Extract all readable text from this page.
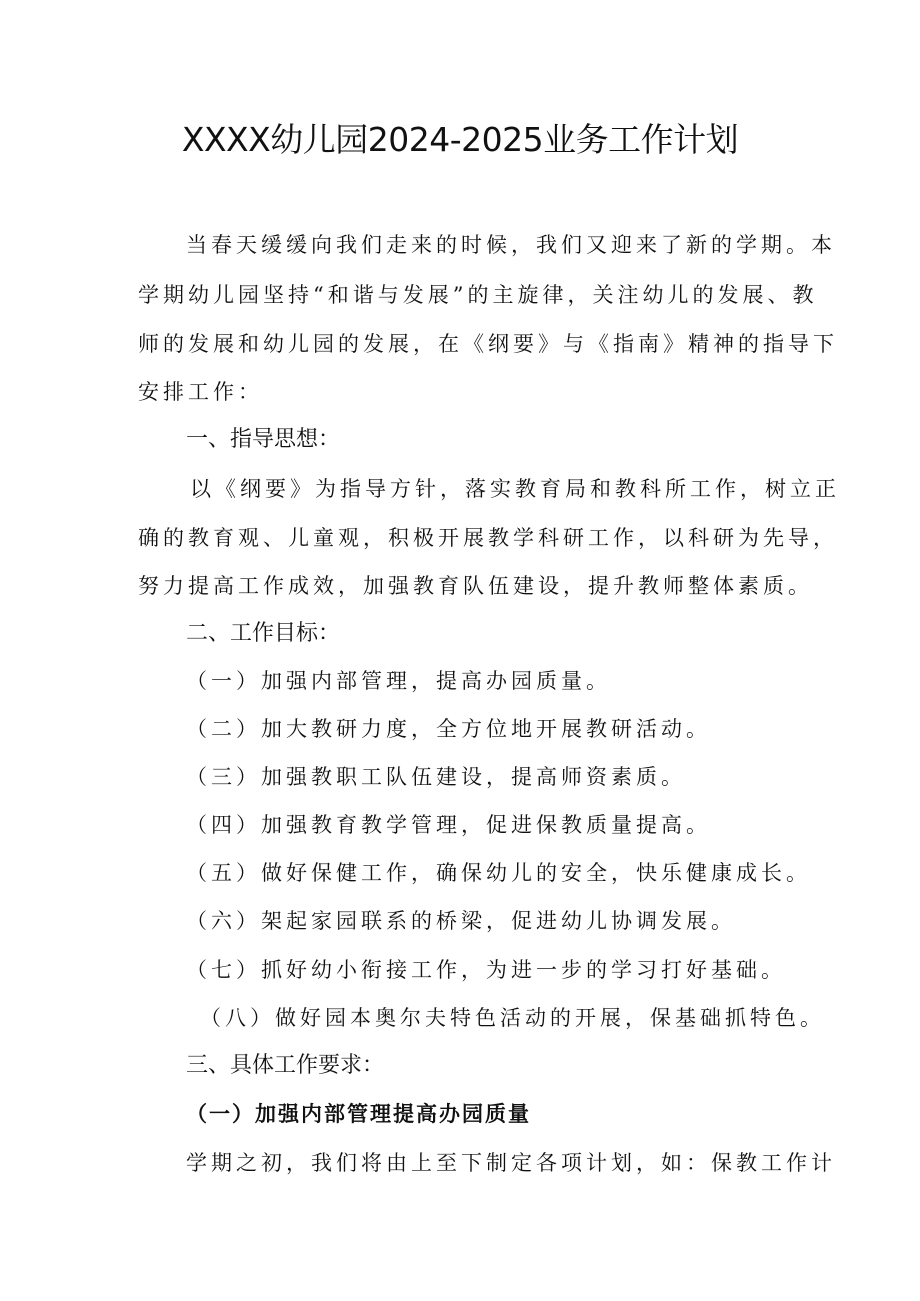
XXXX幼儿园2024-2025业务工作计划
当春天缓缓向我们走来的时候，我们又迎来了新的学期。本
学期幼儿园坚持“和谐与发展”的主旋律，关注幼儿的发展、教
师的发展和幼儿园的发展，在《纲要》与《指南》精神的指导下
安排工作：
一、指导思想：
以《纲要》为指导方针，落实教育局和教科所工作，树立正
确的教育观、儿童观，积极开展教学科研工作，以科研为先导，
努力提高工作成效，加强教育队伍建设，提升教师整体素质。
二、工作目标：
（一）加强内部管理，提高办园质量。
（二）加大教研力度，全方位地开展教研活动。
（三）加强教职工队伍建设，提高师资素质。
（四）加强教育教学管理，促进保教质量提高。
（五）做好保健工作，确保幼儿的安全，快乐健康成长。
（六）架起家园联系的桥梁，促进幼儿协调发展。
（七）抓好幼小衔接工作，为进一步的学习打好基础。
（八）做好园本奥尔夫特色活动的开展，保基础抓特色。
三、具体工作要求：
（一）加强内部管理提高办园质量
学期之初，我们将由上至下制定各项计划，如：保教工作计
